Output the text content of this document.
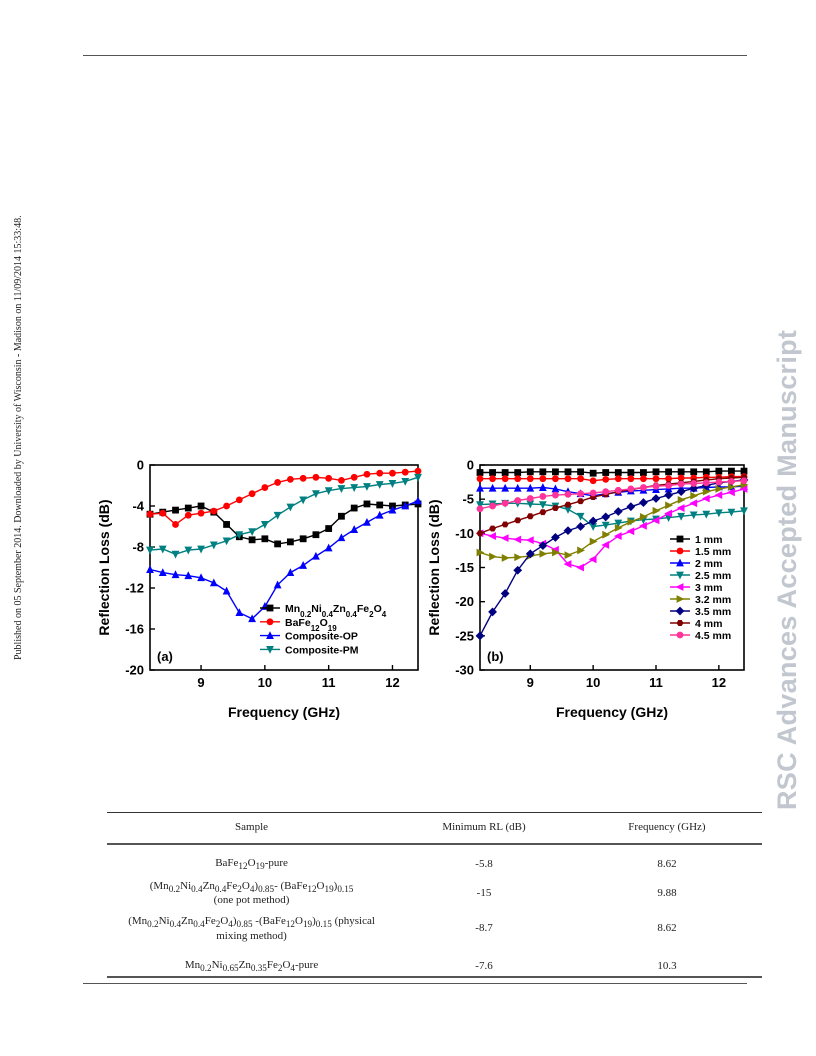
Published on 05 September 2014. Downloaded by University of Wisconsin - Madison on 11/09/2014 15:33:48.	RSC Advances Accepted Manuscript
9	10	11	12
0
-4
-8
-12
-16
-20
Frequency (GHz)
Reflection Loss (dB)
(a)
$Mn_{0.2}Ni_{0.4}Zn_{0.4}Fe_2O_4$
$BaFe_{12}O_{19}$
Composite-OP
Composite-PM
9	10	11	12
0
-5
-10
-15
-20
-25
-30
Frequency (GHz)
Reflection Loss (dB)
(b)
1 mm
1.5 mm
2 mm
2.5 mm
3 mm
3.2 mm
3.5 mm
4 mm
4.5 mm
Sample	Minimum RL (dB)	Frequency (GHz)
$BaFe_{12}O_{19}$-pure	-5.8	8.62
$(Mn_{0.2}Ni_{0.4}Zn_{0.4}Fe_2O_4)_{0.85}-$ $(BaFe_{12}O_{19})_{0.15}$
(one pot method)	-15	9.88
$(Mn_{0.2}Ni_{0.4}Zn_{0.4}Fe_2O_4)_{0.85}$ $-(BaFe_{12}O_{19})_{0.15}$ (physical
mixing method)	-8.7	8.62
$Mn_{0.2}Ni_{0.65}Zn_{0.35}Fe_2O_4$-pure	-7.6	10.3
